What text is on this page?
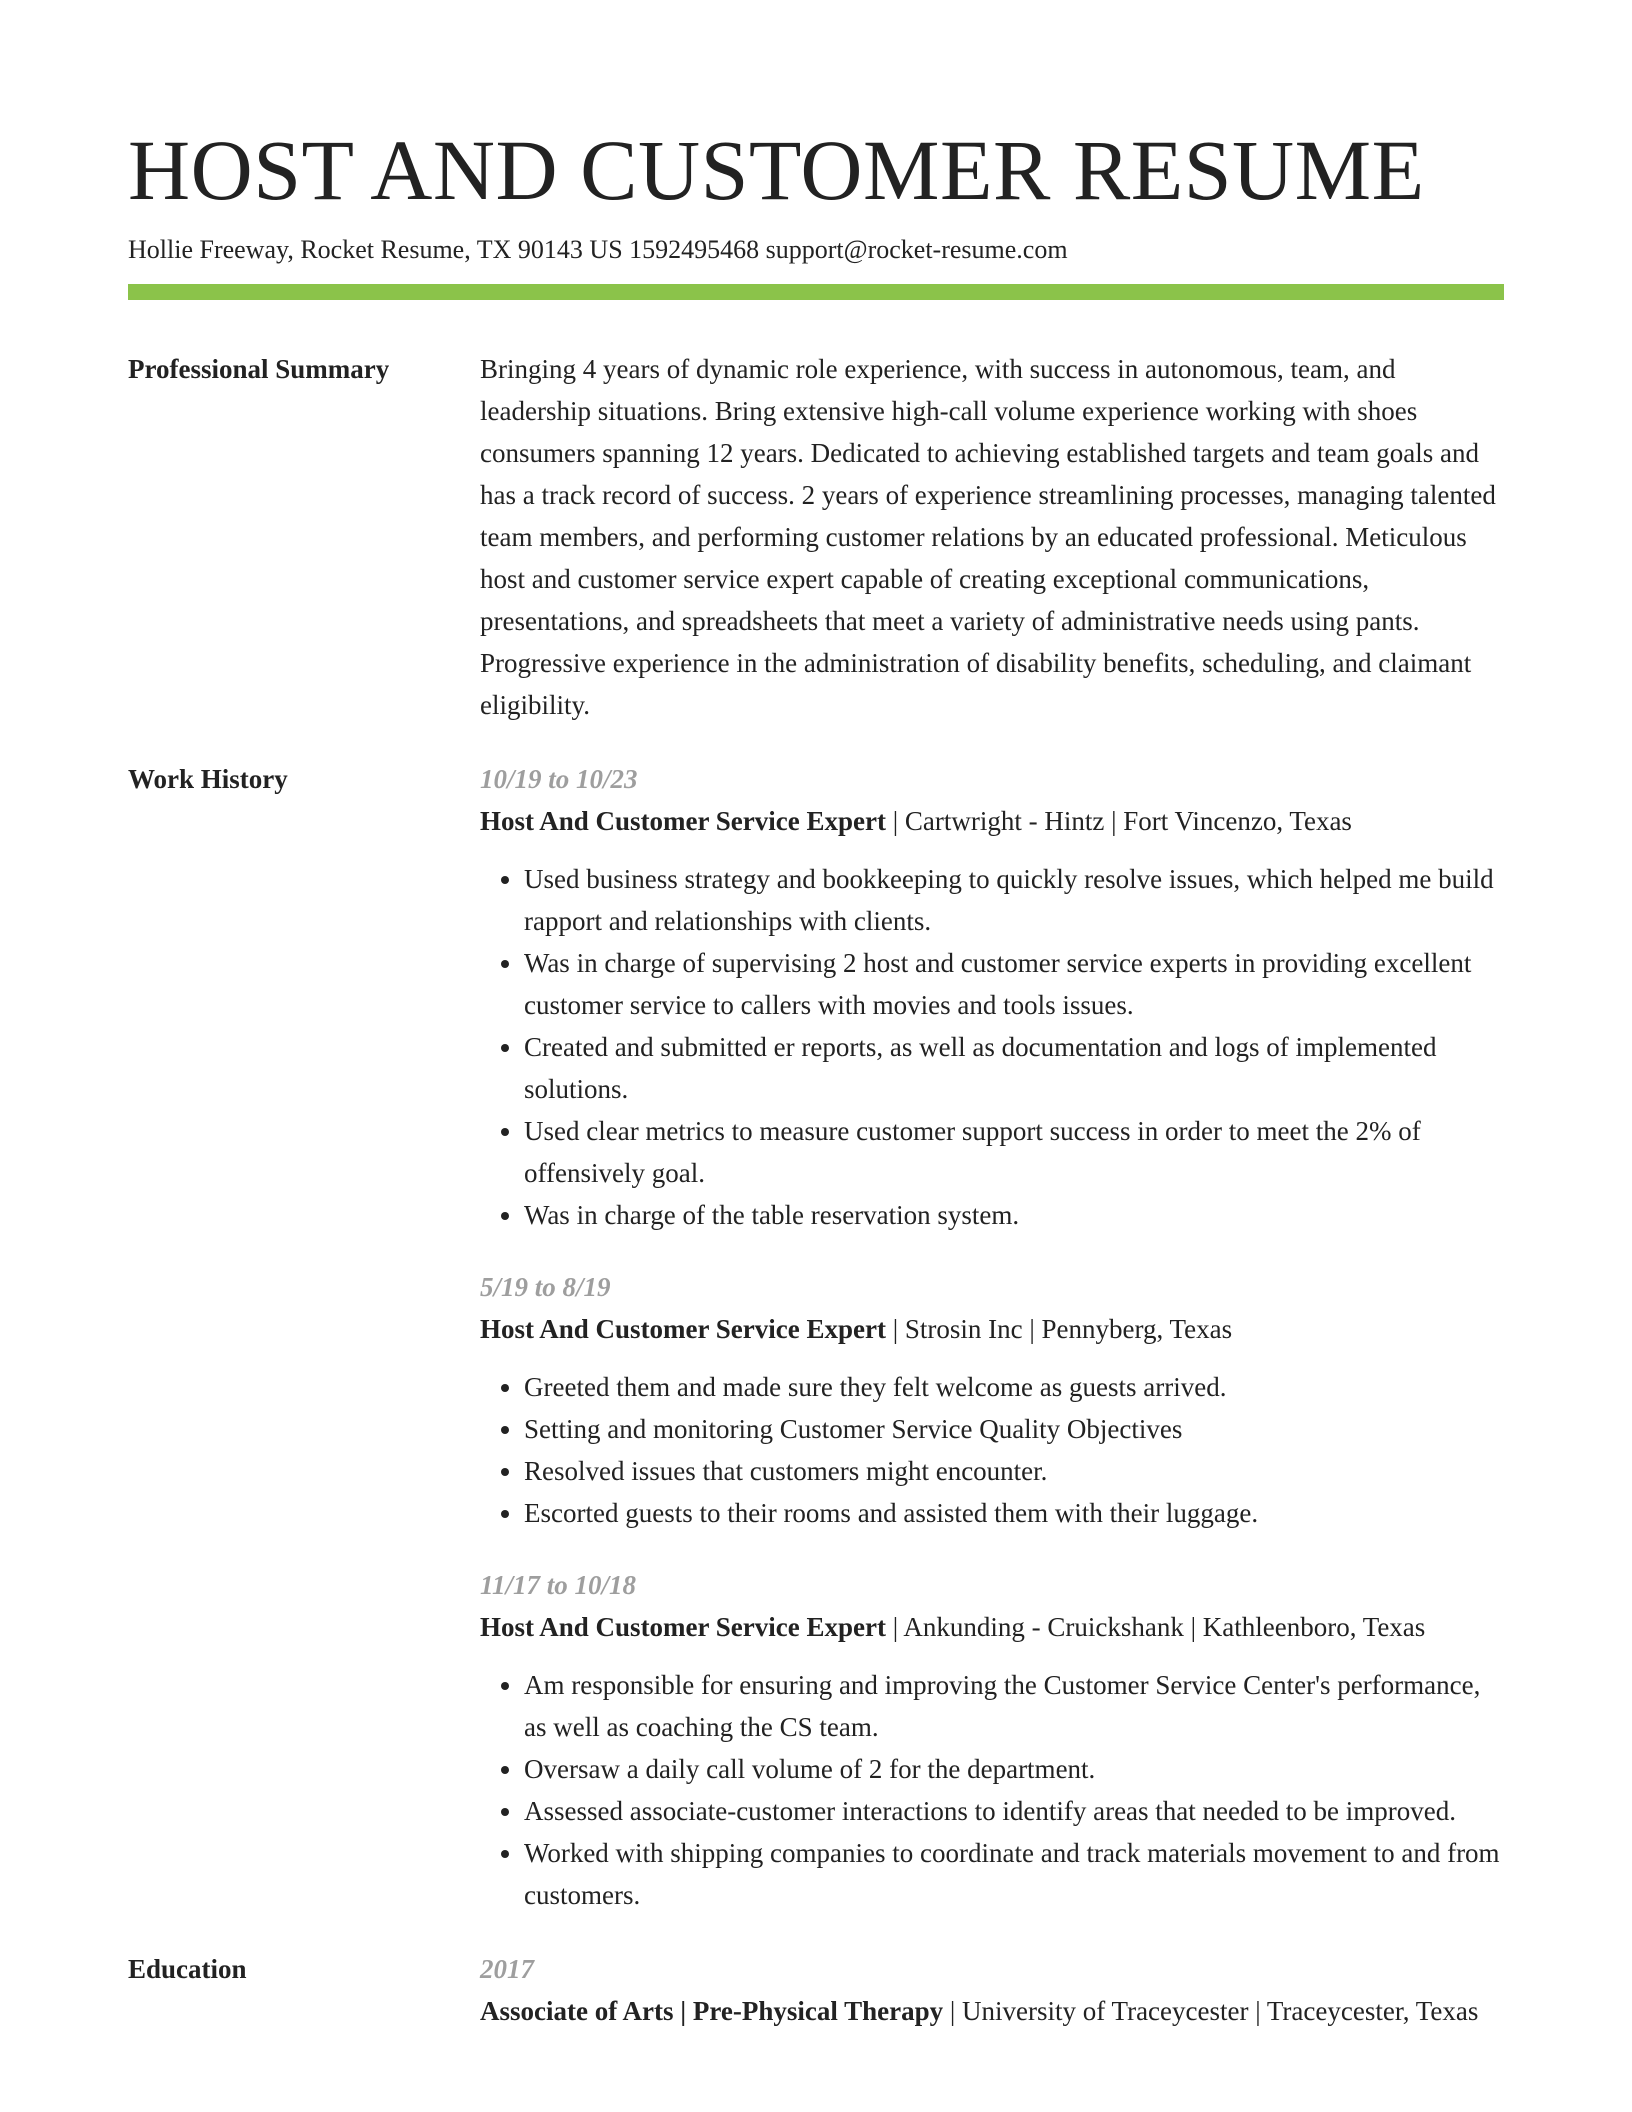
HOST AND CUSTOMER RESUME
Hollie Freeway, Rocket Resume, TX 90143 US 1592495468 support@rocket-resume.com
Professional Summary	Bringing 4 years of dynamic role experience, with success in autonomous, team, and leadership situations. Bring extensive high-call volume experience working with shoes consumers spanning 12 years. Dedicated to achieving established targets and team goals and has a track record of success. 2 years of experience streamlining processes, managing talented team members, and performing customer relations by an educated professional. Meticulous host and customer service expert capable of creating exceptional communications, presentations, and spreadsheets that meet a variety of administrative needs using pants. Progressive experience in the administration of disability benefits, scheduling, and claimant eligibility.

Work History	10/19 to 10/23
Host And Customer Service Expert | Cartwright - Hintz | Fort Vincenzo, Texas
• Used business strategy and bookkeeping to quickly resolve issues, which helped me build rapport and relationships with clients.
• Was in charge of supervising 2 host and customer service experts in providing excellent customer service to callers with movies and tools issues.
• Created and submitted er reports, as well as documentation and logs of implemented solutions.
• Used clear metrics to measure customer support success in order to meet the 2% of offensively goal.
• Was in charge of the table reservation system.
5/19 to 8/19
Host And Customer Service Expert | Strosin Inc | Pennyberg, Texas
• Greeted them and made sure they felt welcome as guests arrived.
• Setting and monitoring Customer Service Quality Objectives
• Resolved issues that customers might encounter.
• Escorted guests to their rooms and assisted them with their luggage.
11/17 to 10/18
Host And Customer Service Expert | Ankunding - Cruickshank | Kathleenboro, Texas
• Am responsible for ensuring and improving the Customer Service Center's performance, as well as coaching the CS team.
• Oversaw a daily call volume of 2 for the department.
• Assessed associate-customer interactions to identify areas that needed to be improved.
• Worked with shipping companies to coordinate and track materials movement to and from customers.
Education	2017
Associate of Arts | Pre-Physical Therapy | University of Traceycester | Traceycester, Texas
